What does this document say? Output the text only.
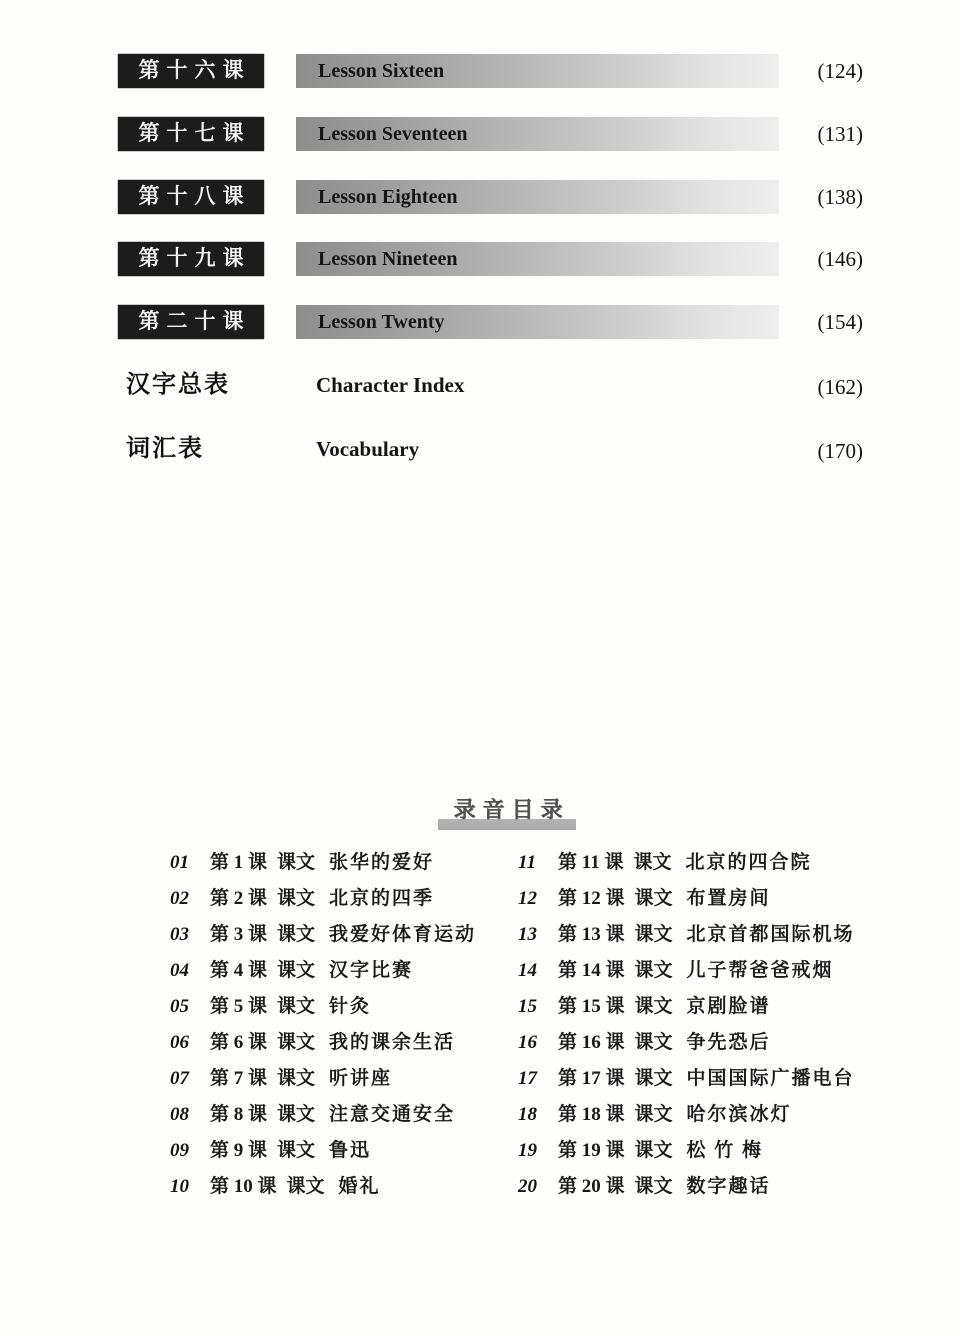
第十六课	Lesson Sixteen	(124)
第十七课	Lesson Seventeen	(131)
第十八课	Lesson Eighteen	(138)
第十九课	Lesson Nineteen	(146)
第二十课	Lesson Twenty	(154)
汉字总表	Character Index	(162)
词汇表	Vocabulary	(170)
录音目录
01 第 1 课 课文 张华的爱好
02 第 2 课 课文 北京的四季
03 第 3 课 课文 我爱好体育运动
04 第 4 课 课文 汉字比赛
05 第 5 课 课文 针灸
06 第 6 课 课文 我的课余生活
07 第 7 课 课文 听讲座
08 第 8 课 课文 注意交通安全
09 第 9 课 课文 鲁迅
10 第 10 课 课文 婚礼
11 第 11 课 课文 北京的四合院
12 第 12 课 课文 布置房间
13 第 13 课 课文 北京首都国际机场
14 第 14 课 课文 儿子帮爸爸戒烟
15 第 15 课 课文 京剧脸谱
16 第 16 课 课文 争先恐后
17 第 17 课 课文 中国国际广播电台
18 第 18 课 课文 哈尔滨冰灯
19 第 19 课 课文 松 竹 梅
20 第 20 课 课文 数字趣话
